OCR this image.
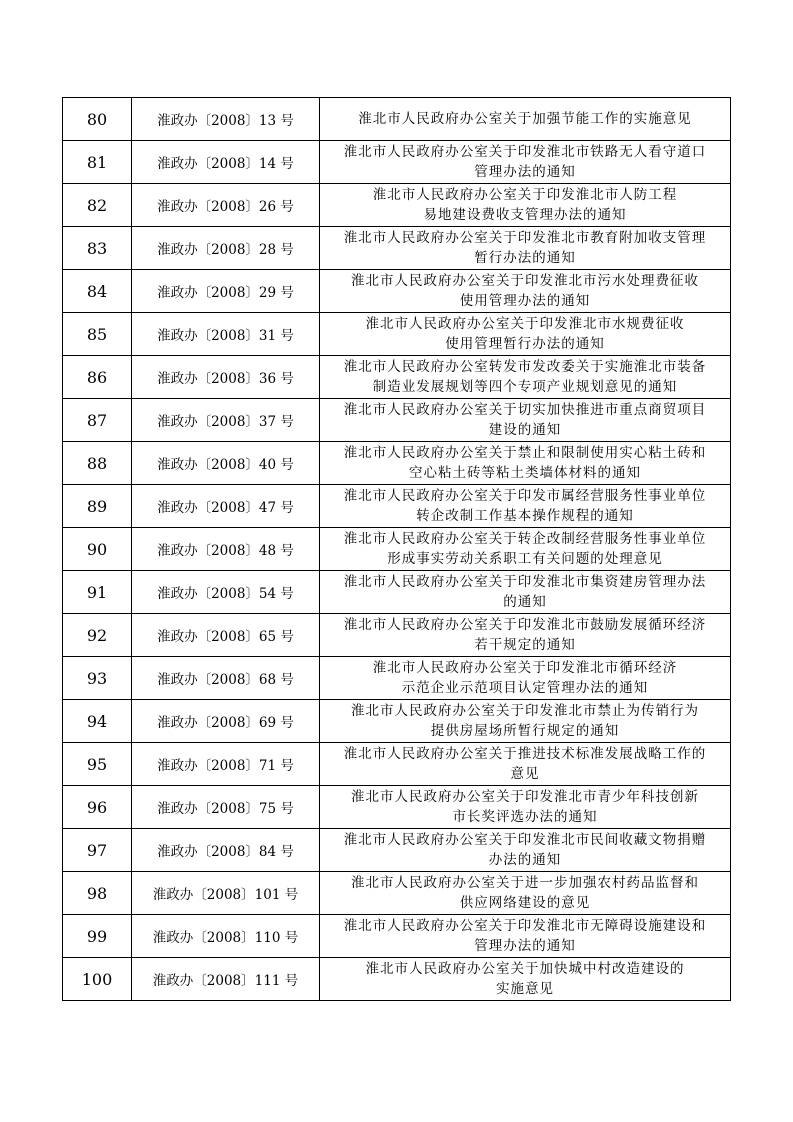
80	淮政办〔2008〕13 号	淮北市人民政府办公室关于加强节能工作的实施意见

81	淮政办〔2008〕14 号	淮北市人民政府办公室关于印发淮北市铁路无人看守道口
管理办法的通知

82	淮政办〔2008〕26 号	淮北市人民政府办公室关于印发淮北市人防工程
易地建设费收支管理办法的通知

83	淮政办〔2008〕28 号	淮北市人民政府办公室关于印发淮北市教育附加收支管理
暂行办法的通知

84	淮政办〔2008〕29 号	淮北市人民政府办公室关于印发淮北市污水处理费征收
使用管理办法的通知

85	淮政办〔2008〕31 号	淮北市人民政府办公室关于印发淮北市水规费征收
使用管理暂行办法的通知

86	淮政办〔2008〕36 号	淮北市人民政府办公室转发市发改委关于实施淮北市装备
制造业发展规划等四个专项产业规划意见的通知

87	淮政办〔2008〕37 号	淮北市人民政府办公室关于切实加快推进市重点商贸项目
建设的通知

88	淮政办〔2008〕40 号	淮北市人民政府办公室关于禁止和限制使用实心粘土砖和
空心粘土砖等粘土类墙体材料的通知

89	淮政办〔2008〕47 号	淮北市人民政府办公室关于印发市属经营服务性事业单位
转企改制工作基本操作规程的通知

90	淮政办〔2008〕48 号	淮北市人民政府办公室关于转企改制经营服务性事业单位
形成事实劳动关系职工有关问题的处理意见

91	淮政办〔2008〕54 号	淮北市人民政府办公室关于印发淮北市集资建房管理办法
的通知

92	淮政办〔2008〕65 号	淮北市人民政府办公室关于印发淮北市鼓励发展循环经济
若干规定的通知

93	淮政办〔2008〕68 号	淮北市人民政府办公室关于印发淮北市循环经济
示范企业示范项目认定管理办法的通知

94	淮政办〔2008〕69 号	淮北市人民政府办公室关于印发淮北市禁止为传销行为
提供房屋场所暂行规定的通知

95	淮政办〔2008〕71 号	淮北市人民政府办公室关于推进技术标准发展战略工作的
意见

96	淮政办〔2008〕75 号	淮北市人民政府办公室关于印发淮北市青少年科技创新
市长奖评选办法的通知

97	淮政办〔2008〕84 号	淮北市人民政府办公室关于印发淮北市民间收藏文物捐赠
办法的通知

98	淮政办〔2008〕101 号	淮北市人民政府办公室关于进一步加强农村药品监督和
供应网络建设的意见

99	淮政办〔2008〕110 号	淮北市人民政府办公室关于印发淮北市无障碍设施建设和
管理办法的通知

100	淮政办〔2008〕111 号	淮北市人民政府办公室关于加快城中村改造建设的
实施意见
